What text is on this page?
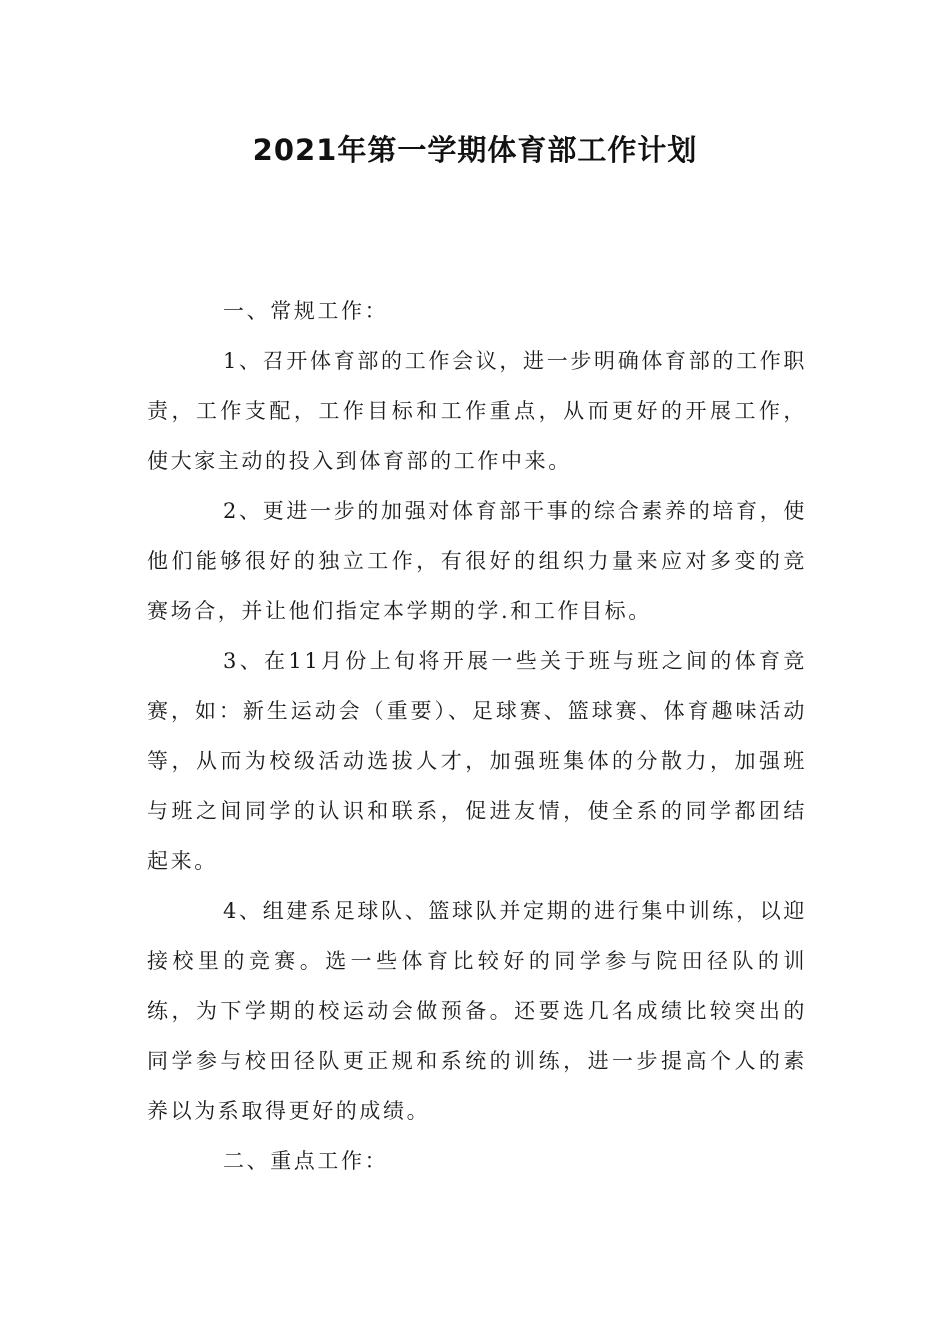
2021年第一学期体育部工作计划

一、常规工作：

1、召开体育部的工作会议，进一步明确体育部的工作职责，工作支配，工作目标和工作重点，从而更好的开展工作，使大家主动的投入到体育部的工作中来。

2、更进一步的加强对体育部干事的综合素养的培育，使他们能够很好的独立工作，有很好的组织力量来应对多变的竞赛场合，并让他们指定本学期的学.和工作目标。

3、在11月份上旬将开展一些关于班与班之间的体育竞赛，如：新生运动会（重要）、足球赛、篮球赛、体育趣味活动等，从而为校级活动选拔人才，加强班集体的分散力，加强班与班之间同学的认识和联系，促进友情，使全系的同学都团结起来。

4、组建系足球队、篮球队并定期的进行集中训练，以迎接校里的竞赛。选一些体育比较好的同学参与院田径队的训练，为下学期的校运动会做预备。还要选几名成绩比较突出的同学参与校田径队更正规和系统的训练，进一步提高个人的素养以为系取得更好的成绩。

二、重点工作：
